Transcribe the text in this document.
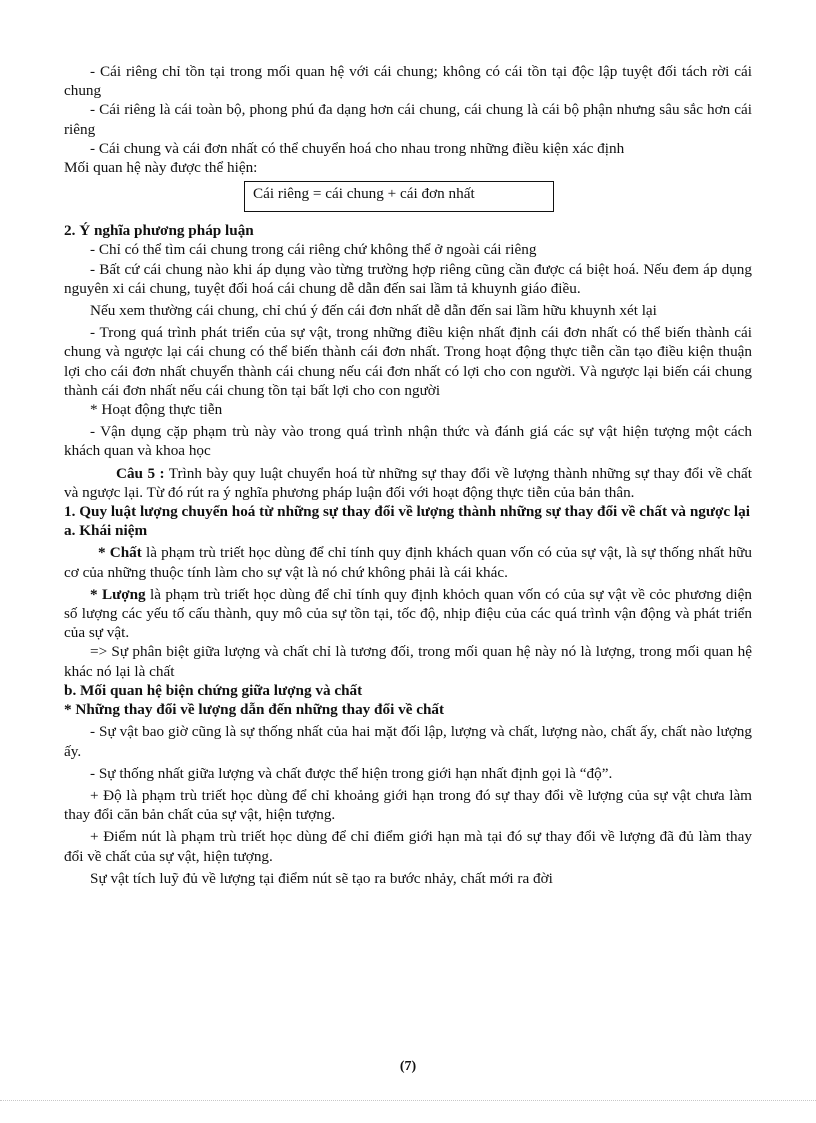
- Cái riêng chỉ tồn tại trong mối quan hệ với cái chung; không có cái tồn tại độc lập tuyệt đối tách rời cái chung

- Cái riêng là cái toàn bộ, phong phú đa dạng hơn cái chung, cái chung là cái bộ phận nhưng sâu sắc hơn cái riêng

- Cái chung và cái đơn nhất có thể chuyển hoá cho nhau trong những điều kiện xác định

Mối quan hệ này được thể hiện:

Cái riêng = cái chung + cái đơn nhất

2. Ý nghĩa phương pháp luận

- Chỉ có thể tìm cái chung trong cái riêng chứ không thể ở ngoài cái riêng

- Bất cứ cái chung nào khi áp dụng vào từng trường hợp riêng cũng cần được cá biệt hoá. Nếu đem áp dụng nguyên xi cái chung, tuyệt đối hoá cái chung dễ dẫn đến sai lầm tả khuynh giáo điều.

Nếu xem thường cái chung, chỉ chú ý đến cái đơn nhất dễ dẫn đến sai lầm hữu khuynh xét lại

- Trong quá trình phát triển của sự vật, trong những điều kiện nhất định cái đơn nhất có thể biến thành cái chung và ngược lại cái chung có thể biến thành cái đơn nhất. Trong hoạt động thực tiễn cần tạo điều kiện thuận lợi cho cái đơn nhất chuyển thành cái chung nếu cái đơn nhất có lợi cho con người. Và ngược lại biến cái chung thành cái đơn nhất nếu cái chung tồn tại bất lợi cho con người

* Hoạt động thực tiễn

- Vận dụng cặp phạm trù này vào trong quá trình nhận thức và đánh giá các sự vật hiện tượng một cách khách quan và khoa học

Câu 5 : Trình bày quy luật chuyển hoá từ những sự thay đổi về lượng thành những sự thay đổi về chất và ngược lại. Từ đó rút ra ý nghĩa phương pháp luận đối với hoạt động thực tiễn của bản thân.

1. Quy luật lượng chuyển hoá từ những sự thay đổi về lượng thành những sự thay đổi về chất và ngược lại

a. Khái niệm

* Chất là phạm trù triết học dùng để chỉ tính quy định khách quan vốn có của sự vật, là sự thống nhất hữu cơ của những thuộc tính làm cho sự vật là nó chứ không phải là cái khác.

* Lượng là phạm trù triết học dùng để chỉ tính quy định khỏch quan vốn có của sự vật về cỏc phương diện số lượng các yếu tố cấu thành, quy mô của sự tồn tại, tốc độ, nhịp điệu của các quá trình vận động và phát triển của sự vật.

=> Sự phân biệt giữa lượng và chất chỉ là tương đối, trong mối quan hệ này nó là lượng, trong mối quan hệ khác nó lại là chất

b. Mối quan hệ biện chứng giữa lượng và chất

* Những thay đổi về lượng dẫn đến những thay đổi về chất

- Sự vật bao giờ cũng là sự thống nhất của hai mặt đối lập, lượng và chất, lượng nào, chất ấy, chất nào lượng ấy.

- Sự thống nhất giữa lượng và chất được thể hiện trong giới hạn nhất định gọi là “độ”.

+ Độ là phạm trù triết học dùng để chỉ khoảng giới hạn trong đó sự thay đổi về lượng của sự vật chưa làm thay đổi căn bản chất của sự vật, hiện tượng.

+ Điểm nút là phạm trù triết học dùng để chỉ điểm giới hạn mà tại đó sự thay đổi về lượng đã đủ làm thay đổi về chất của sự vật, hiện tượng.

Sự vật tích luỹ đủ về lượng tại điểm nút sẽ tạo ra bước nhảy, chất mới ra đời

(7)
